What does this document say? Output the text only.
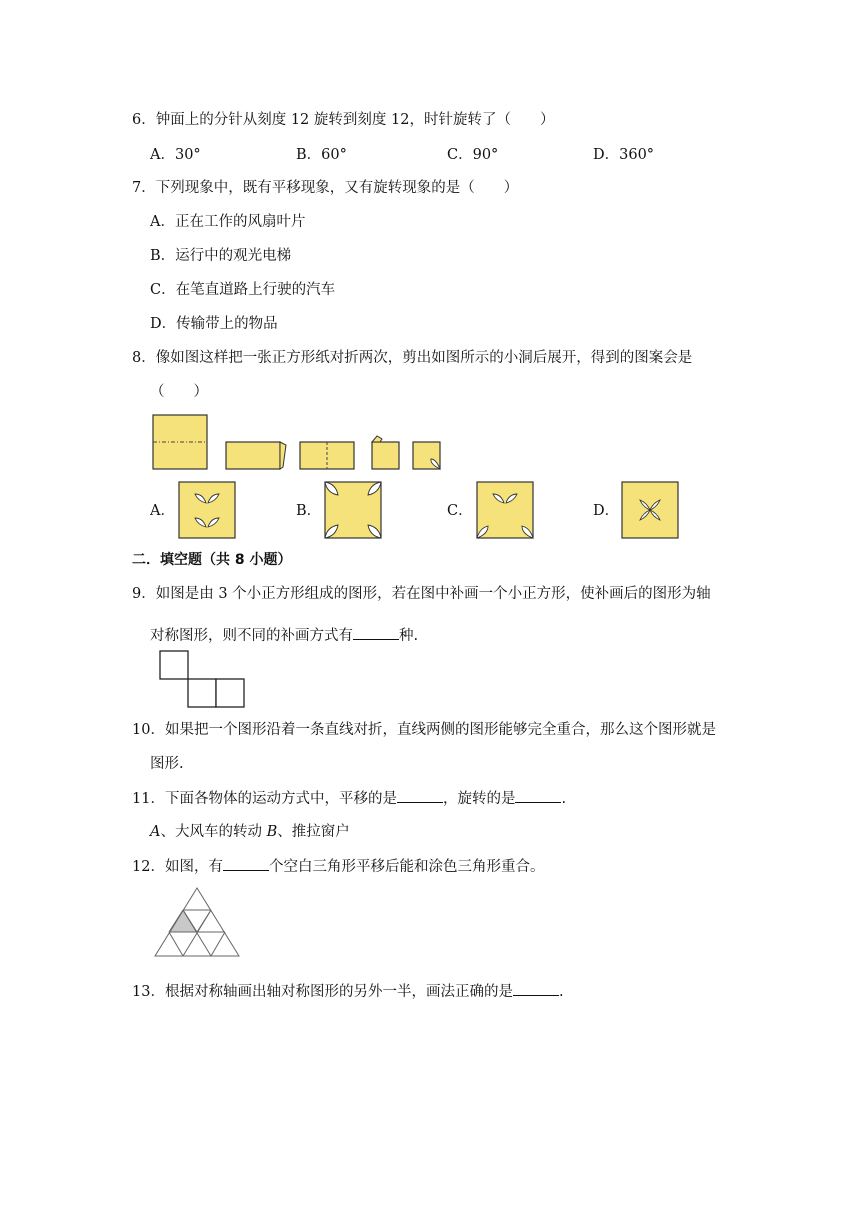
6．钟面上的分针从刻度 12 旋转到刻度 12，时针旋转了（　　）
A．30°	B．60°	C．90°	D．360°
7．下列现象中，既有平移现象，又有旋转现象的是（　　）
A．正在工作的风扇叶片
B．运行中的观光电梯
C．在笔直道路上行驶的汽车
D．传输带上的物品
8．像如图这样把一张正方形纸对折两次，剪出如图所示的小洞后展开，得到的图案会是
（　　）
A．	B．	C．	D．
二．填空题（共 8 小题）
9．如图是由 3 个小正方形组成的图形，若在图中补画一个小正方形，使补画后的图形为轴
对称图形，则不同的补画方式有	种.
10．如果把一个图形沿着一条直线对折，直线两侧的图形能够完全重合，那么这个图形就是
图形.
11．下面各物体的运动方式中，平移的是	，旋转的是	.
A、大风车的转动 B、推拉窗户
12．如图，有	个空白三角形平移后能和涂色三角形重合。
13．根据对称轴画出轴对称图形的另外一半，画法正确的是	.
